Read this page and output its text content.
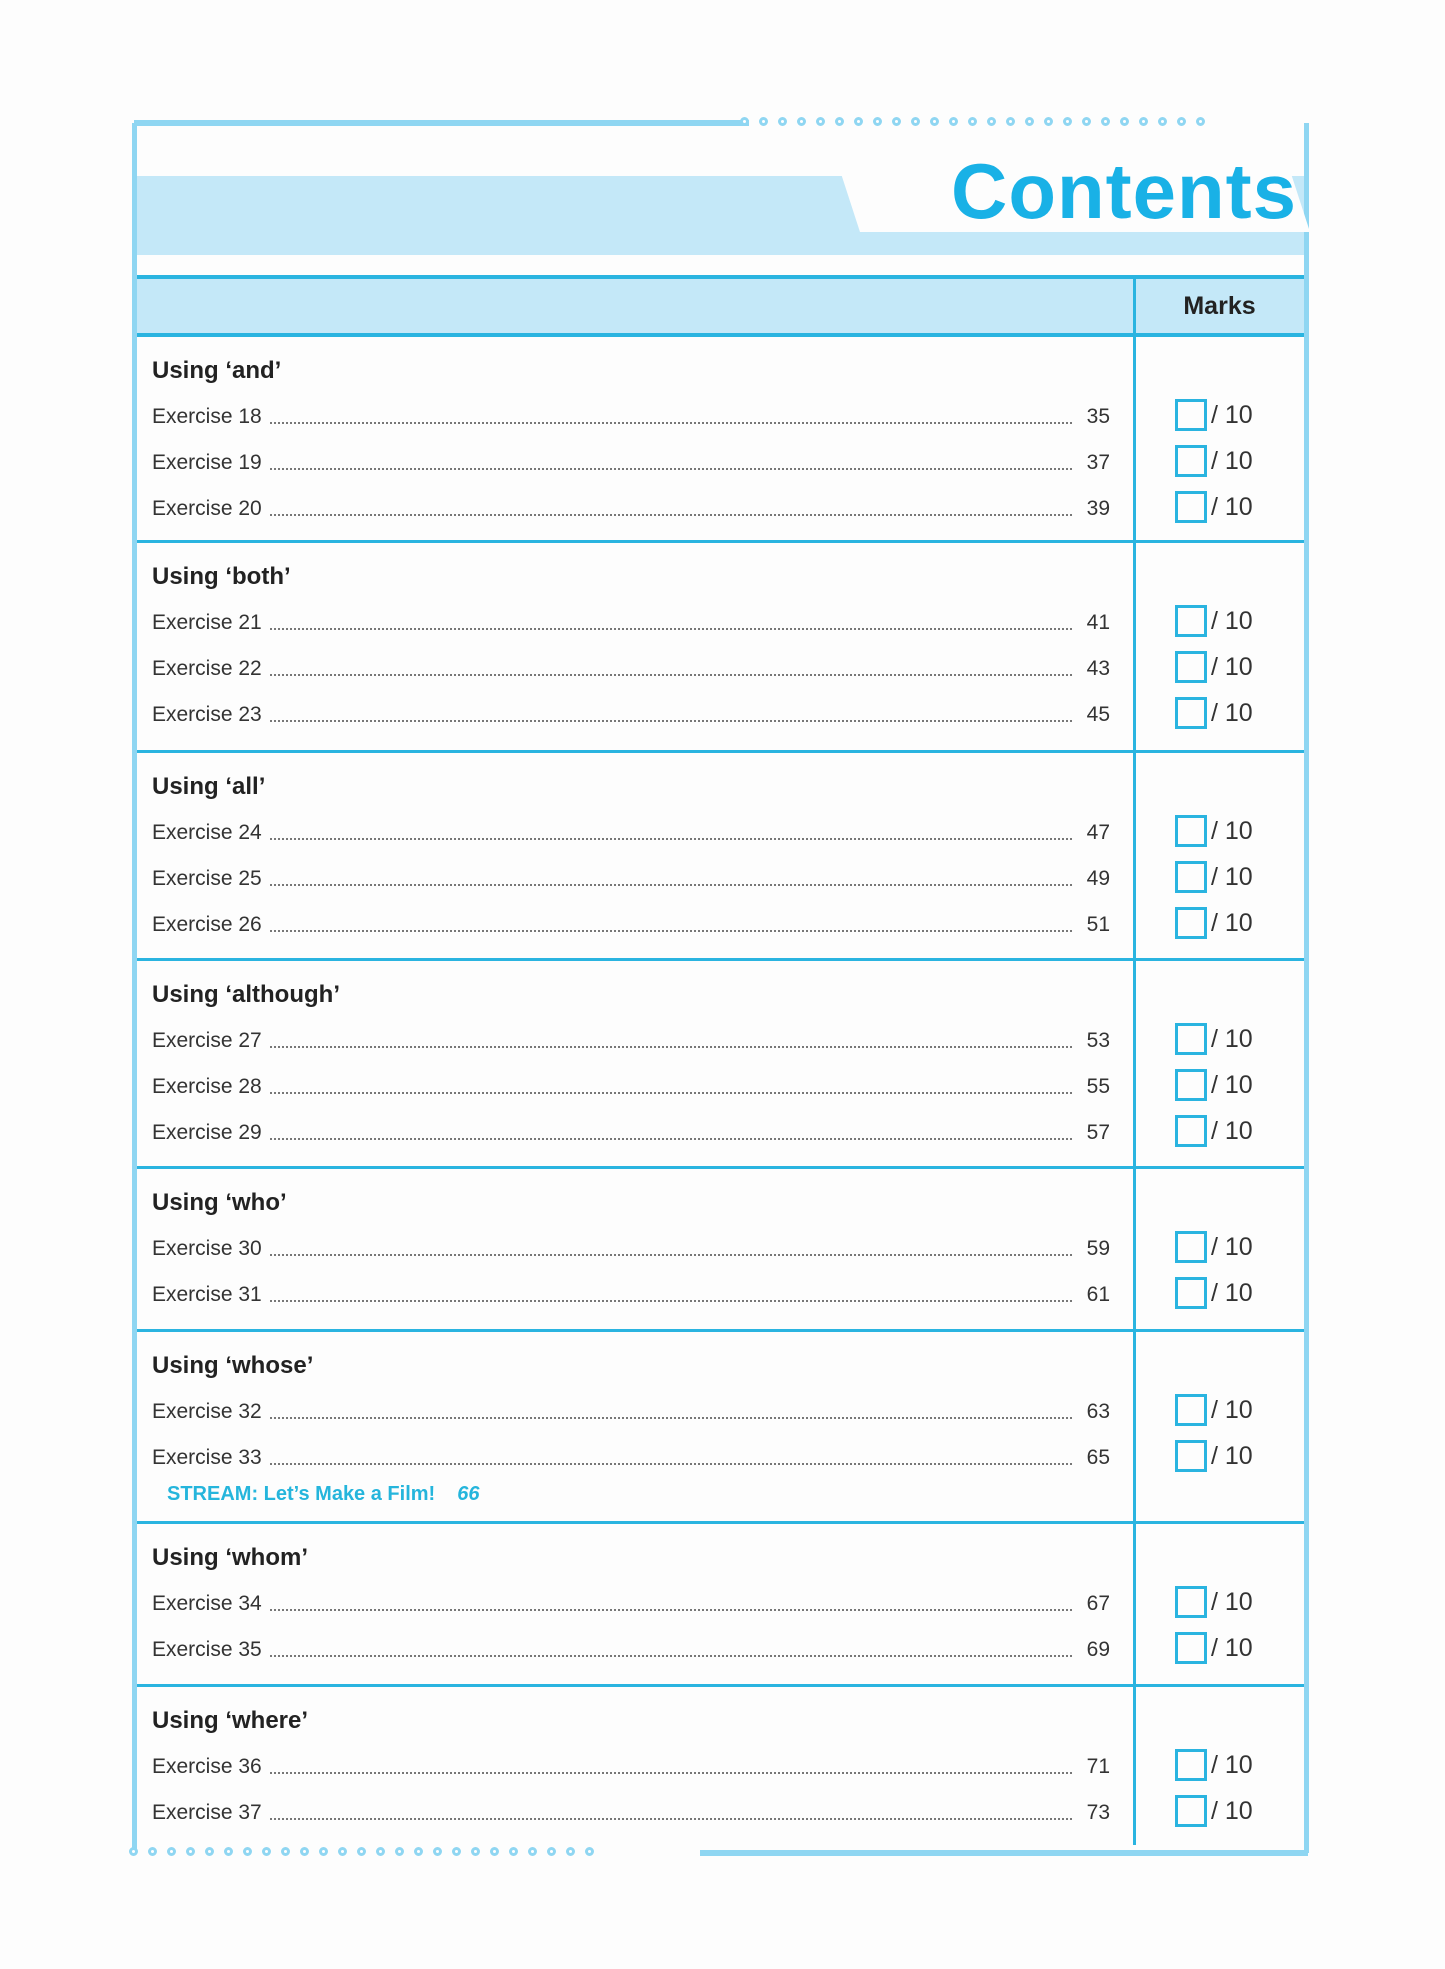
Contents
Marks
Using ‘and’
Exercise 18	35	/ 10
Exercise 19	37	/ 10
Exercise 20	39	/ 10
Using ‘both’
Exercise 21	41	/ 10
Exercise 22	43	/ 10
Exercise 23	45	/ 10
Using ‘all’
Exercise 24	47	/ 10
Exercise 25	49	/ 10
Exercise 26	51	/ 10
Using ‘although’
Exercise 27	53	/ 10
Exercise 28	55	/ 10
Exercise 29	57	/ 10
Using ‘who’
Exercise 30	59	/ 10
Exercise 31	61	/ 10
Using ‘whose’
Exercise 32	63	/ 10
Exercise 33	65	/ 10
STREAM: Let’s Make a Film! 66
Using ‘whom’
Exercise 34	67	/ 10
Exercise 35	69	/ 10
Using ‘where’
Exercise 36	71	/ 10
Exercise 37	73	/ 10
